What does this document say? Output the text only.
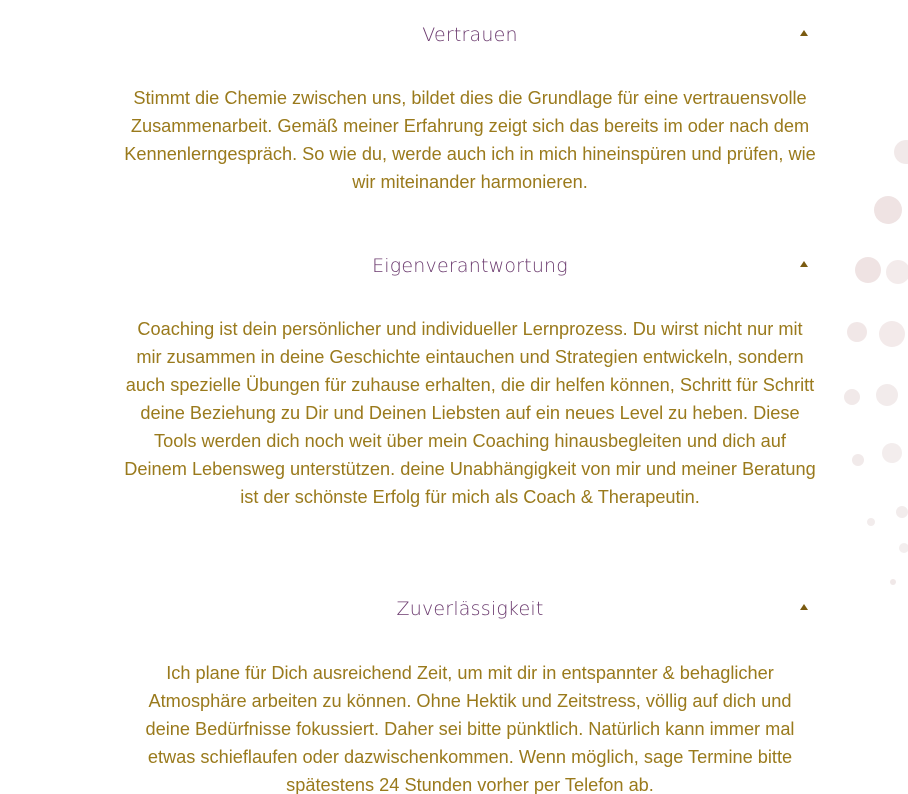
Vertrauen
Stimmt die Chemie zwischen uns, bildet dies die Grundlage für eine vertrauensvolle Zusammenarbeit. Gemäß meiner Erfahrung zeigt sich das bereits im oder nach dem Kennenlerngespräch. So wie du, werde auch ich in mich hineinspüren und prüfen, wie wir miteinander harmonieren.
Eigenverantwortung
Coaching ist dein persönlicher und individueller Lernprozess. Du wirst nicht nur mit mir zusammen in deine Geschichte eintauchen und Strategien entwickeln, sondern auch spezielle Übungen für zuhause erhalten, die dir helfen können, Schritt für Schritt deine Beziehung zu Dir und Deinen Liebsten auf ein neues Level zu heben. Diese Tools werden dich noch weit über mein Coaching hinausbegleiten und dich auf Deinem Lebensweg unterstützen. deine Unabhängigkeit von mir und meiner Beratung ist der schönste Erfolg für mich als Coach & Therapeutin.
Zuverlässigkeit
Ich plane für Dich ausreichend Zeit, um mit dir in entspannter & behaglicher Atmosphäre arbeiten zu können. Ohne Hektik und Zeitstress, völlig auf dich und deine Bedürfnisse fokussiert. Daher sei bitte pünktlich. Natürlich kann immer mal etwas schieflaufen oder dazwischenkommen. Wenn möglich, sage Termine bitte spätestens 24 Stunden vorher per Telefon ab.
